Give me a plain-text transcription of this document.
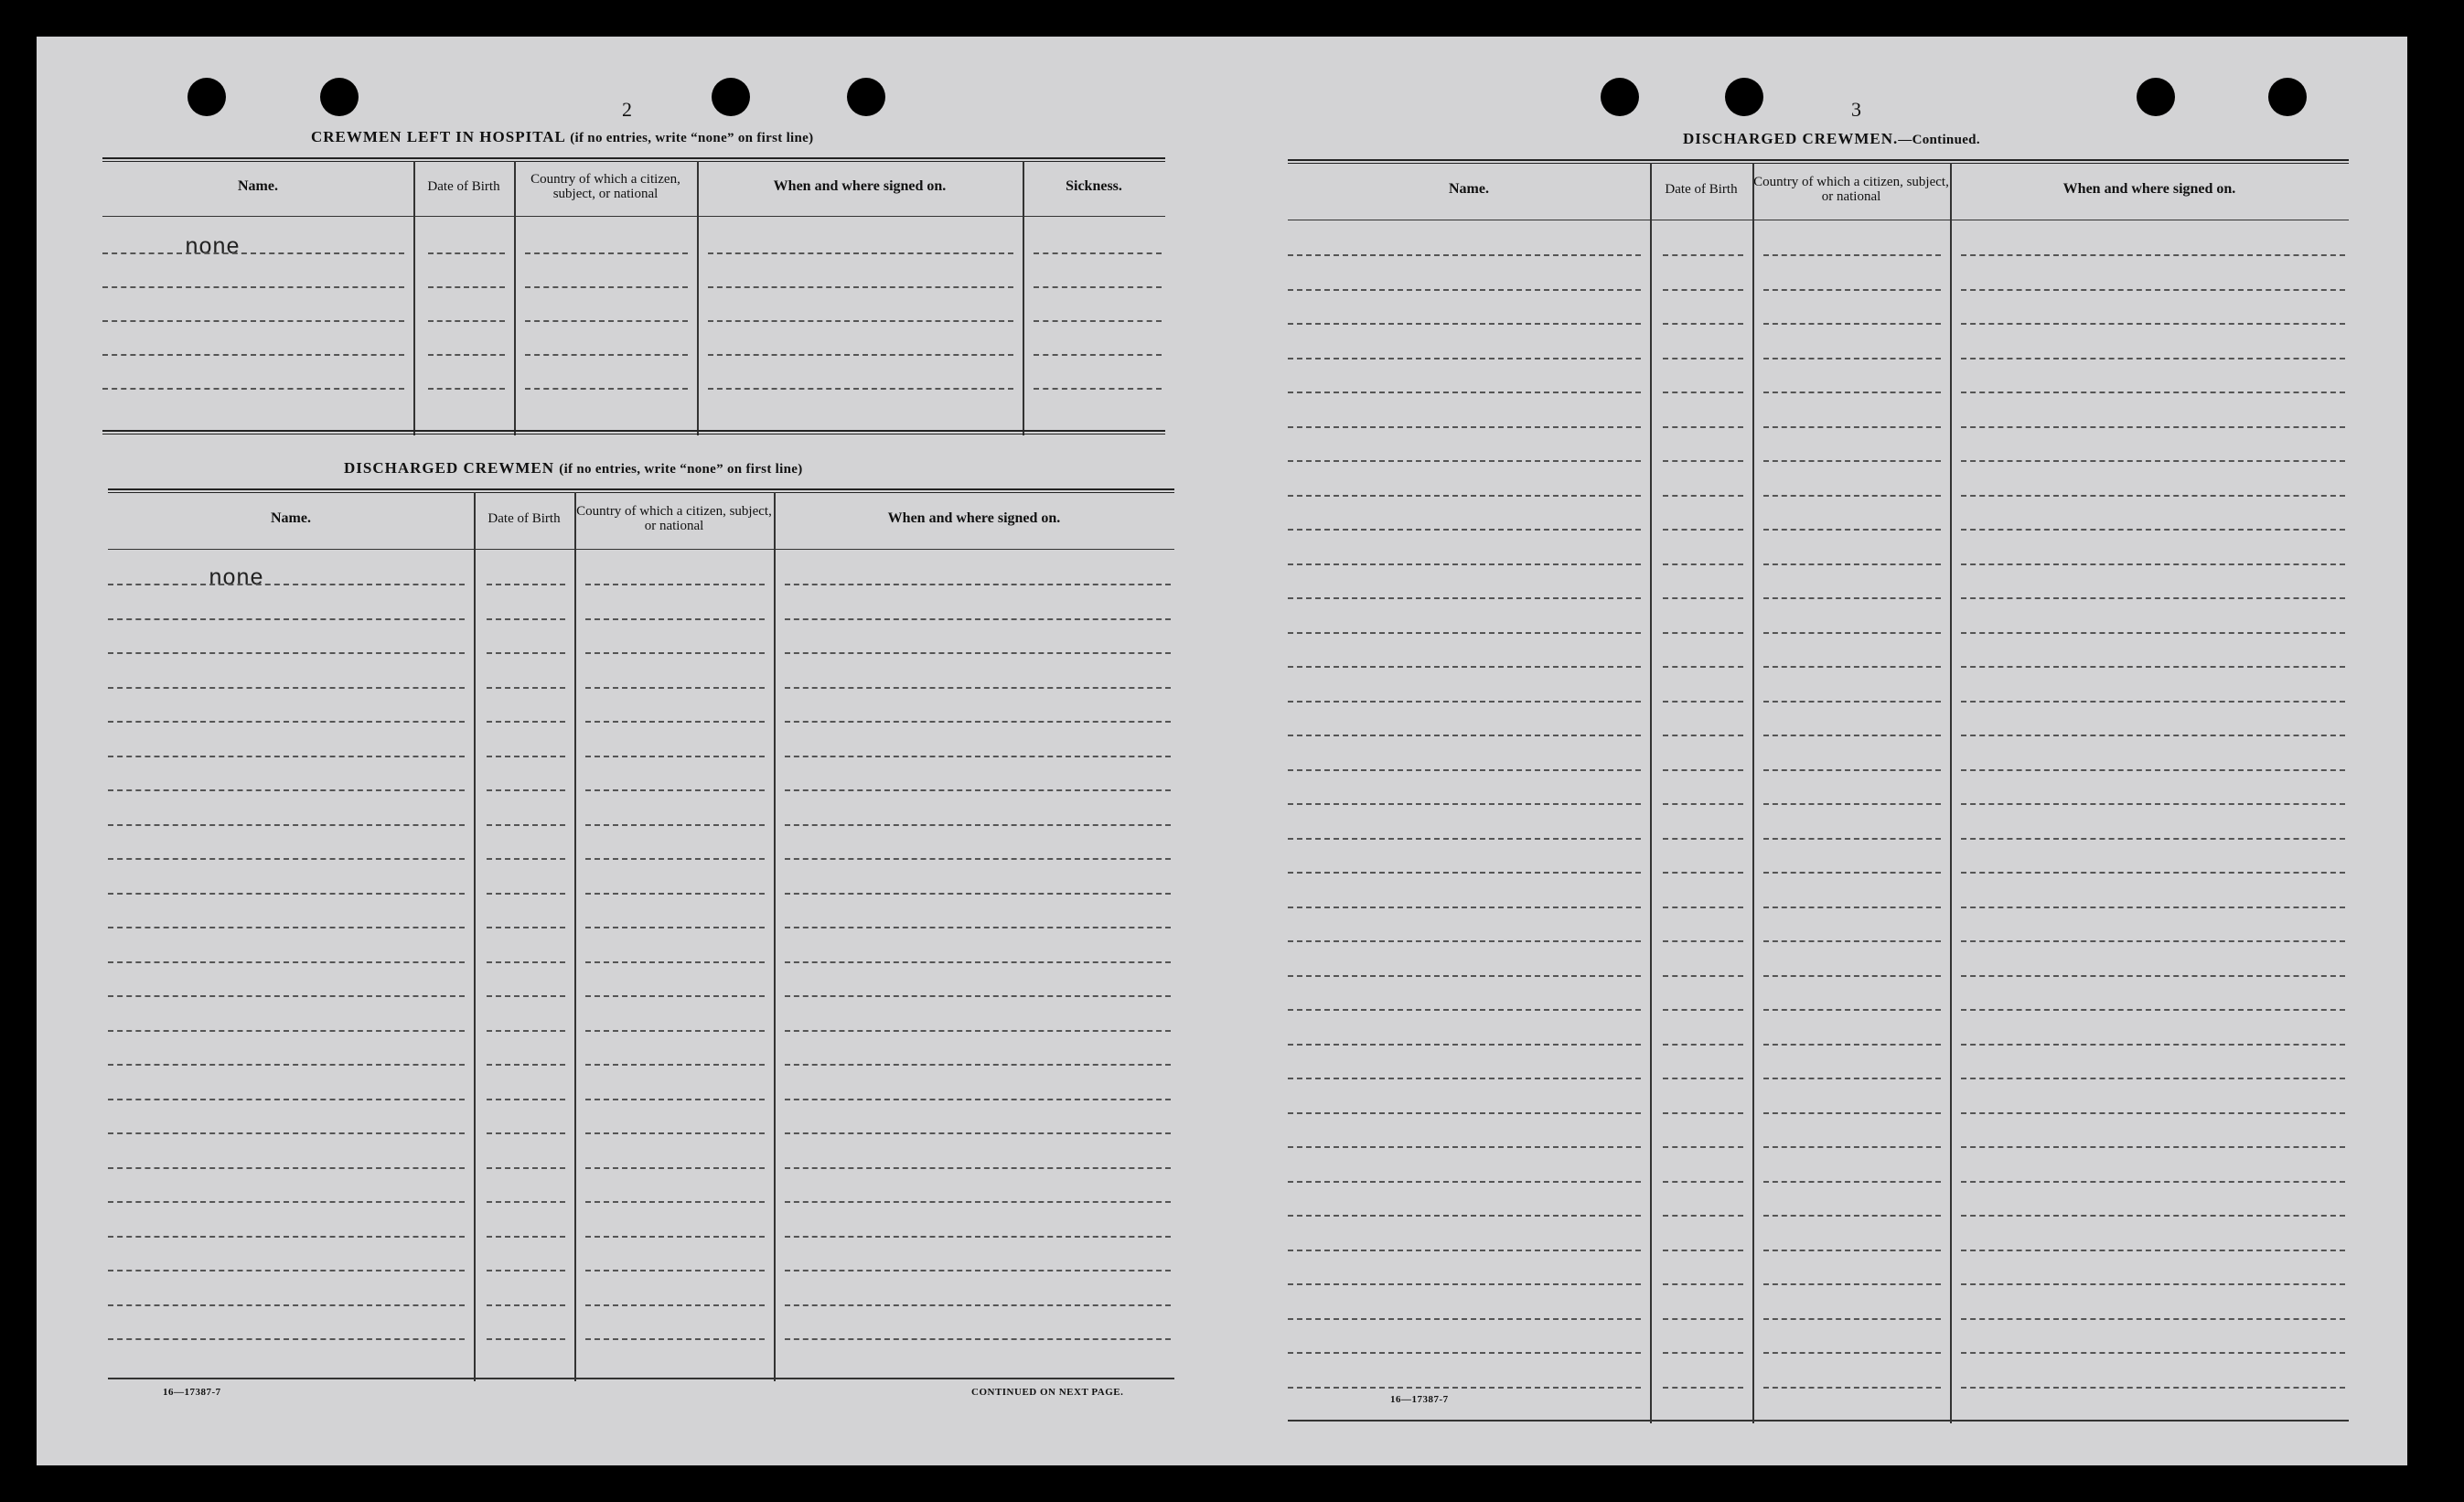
2
CREWMEN LEFT IN HOSPITAL (if no entries, write “none” on first line)
Name.	Date of Birth	Country of which a citizen, subject, or national	When and where signed on.	Sickness.
none
DISCHARGED CREWMEN (if no entries, write “none” on first line)
Name.	Date of Birth	Country of which a citizen, subject, or national	When and where signed on.
none
16—17387-7	CONTINUED ON NEXT PAGE.
3
DISCHARGED CREWMEN.—Continued.
Name.	Date of Birth	Country of which a citizen, subject, or national	When and where signed on.
16—17387-7
